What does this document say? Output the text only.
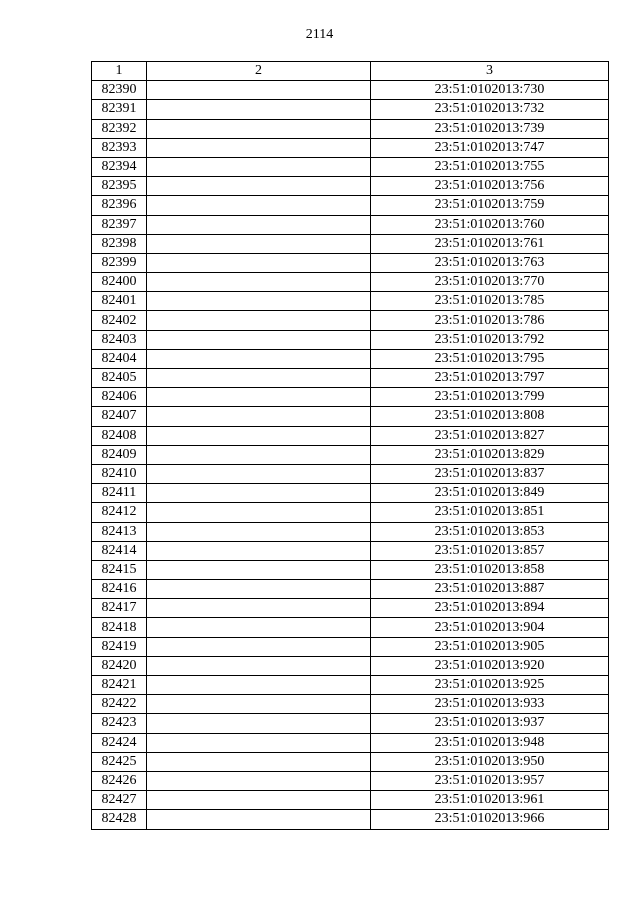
2114
1	2	3
82390		23:51:0102013:730
82391		23:51:0102013:732
82392		23:51:0102013:739
82393		23:51:0102013:747
82394		23:51:0102013:755
82395		23:51:0102013:756
82396		23:51:0102013:759
82397		23:51:0102013:760
82398		23:51:0102013:761
82399		23:51:0102013:763
82400		23:51:0102013:770
82401		23:51:0102013:785
82402		23:51:0102013:786
82403		23:51:0102013:792
82404		23:51:0102013:795
82405		23:51:0102013:797
82406		23:51:0102013:799
82407		23:51:0102013:808
82408		23:51:0102013:827
82409		23:51:0102013:829
82410		23:51:0102013:837
82411		23:51:0102013:849
82412		23:51:0102013:851
82413		23:51:0102013:853
82414		23:51:0102013:857
82415		23:51:0102013:858
82416		23:51:0102013:887
82417		23:51:0102013:894
82418		23:51:0102013:904
82419		23:51:0102013:905
82420		23:51:0102013:920
82421		23:51:0102013:925
82422		23:51:0102013:933
82423		23:51:0102013:937
82424		23:51:0102013:948
82425		23:51:0102013:950
82426		23:51:0102013:957
82427		23:51:0102013:961
82428		23:51:0102013:966
